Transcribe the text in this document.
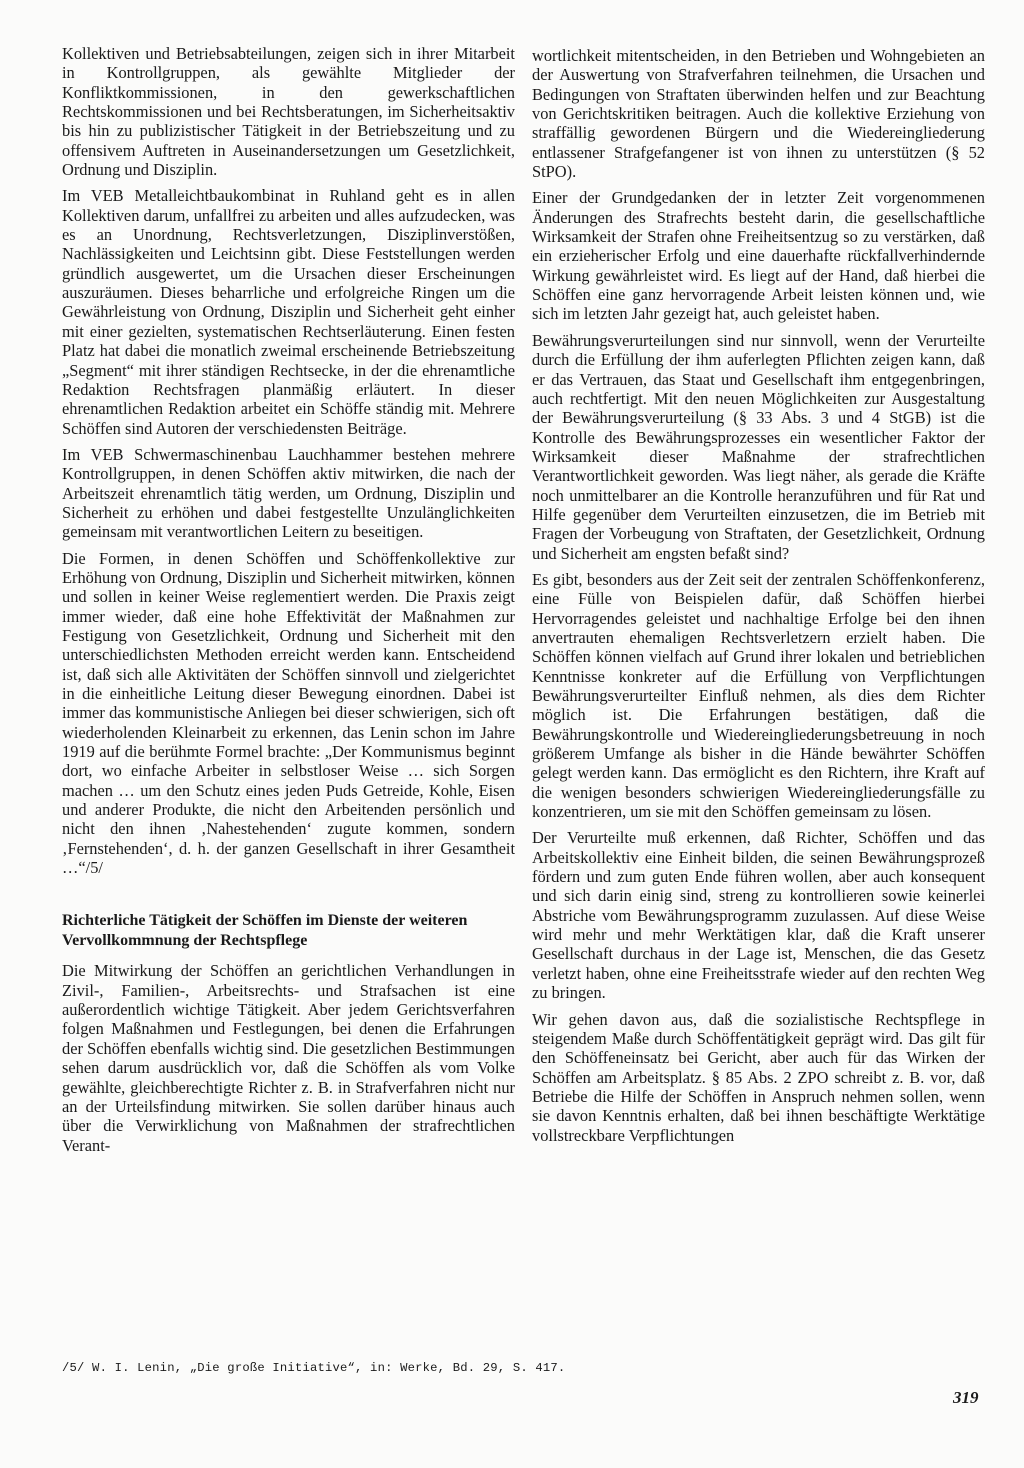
Kollektiven und Betriebsabteilungen, zeigen sich in ihrer Mitarbeit in Kontrollgruppen, als gewählte Mitglieder der Konfliktkommissionen, in den gewerkschaftlichen Rechtskommissionen und bei Rechtsberatungen, im Sicherheitsaktiv bis hin zu publizistischer Tätigkeit in der Betriebszeitung und zu offensivem Auftreten in Auseinandersetzungen um Gesetzlichkeit, Ordnung und Disziplin.

Im VEB Metalleichtbaukombinat in Ruhland geht es in allen Kollektiven darum, unfallfrei zu arbeiten und alles aufzudecken, was es an Unordnung, Rechtsverletzungen, Disziplinverstößen, Nachlässigkeiten und Leichtsinn gibt. Diese Feststellungen werden gründlich ausgewertet, um die Ursachen dieser Erscheinungen auszuräumen. Dieses beharrliche und erfolgreiche Ringen um die Gewährleistung von Ordnung, Disziplin und Sicherheit geht einher mit einer gezielten, systematischen Rechtserläuterung. Einen festen Platz hat dabei die monatlich zweimal erscheinende Betriebszeitung „Segment“ mit ihrer ständigen Rechtsecke, in der die ehrenamtliche Redaktion Rechtsfragen planmäßig erläutert. In dieser ehrenamtlichen Redaktion arbeitet ein Schöffe ständig mit. Mehrere Schöffen sind Autoren der verschiedensten Beiträge.

Im VEB Schwermaschinenbau Lauchhammer bestehen mehrere Kontrollgruppen, in denen Schöffen aktiv mitwirken, die nach der Arbeitszeit ehrenamtlich tätig werden, um Ordnung, Disziplin und Sicherheit zu erhöhen und dabei festgestellte Unzulänglichkeiten gemeinsam mit verantwortlichen Leitern zu beseitigen.

Die Formen, in denen Schöffen und Schöffenkollektive zur Erhöhung von Ordnung, Disziplin und Sicherheit mitwirken, können und sollen in keiner Weise reglementiert werden. Die Praxis zeigt immer wieder, daß eine hohe Effektivität der Maßnahmen zur Festigung von Gesetzlichkeit, Ordnung und Sicherheit mit den unterschiedlichsten Methoden erreicht werden kann. Entscheidend ist, daß sich alle Aktivitäten der Schöffen sinnvoll und zielgerichtet in die einheitliche Leitung dieser Bewegung einordnen. Dabei ist immer das kommunistische Anliegen bei dieser schwierigen, sich oft wiederholenden Kleinarbeit zu erkennen, das Lenin schon im Jahre 1919 auf die berühmte Formel brachte: „Der Kommunismus beginnt dort, wo einfache Arbeiter in selbstloser Weise … sich Sorgen machen … um den Schutz eines jeden Puds Getreide, Kohle, Eisen und anderer Produkte, die nicht den Arbeitenden persönlich und nicht den ihnen ‚Nahestehenden‘ zugute kommen, sondern ‚Fernstehenden‘, d. h. der ganzen Gesellschaft in ihrer Gesamtheit …“/5/

Richterliche Tätigkeit der Schöffen im Dienste der weiteren Vervollkommnung der Rechtspflege

Die Mitwirkung der Schöffen an gerichtlichen Verhandlungen in Zivil-, Familien-, Arbeitsrechts- und Strafsachen ist eine außerordentlich wichtige Tätigkeit. Aber jedem Gerichtsverfahren folgen Maßnahmen und Festlegungen, bei denen die Erfahrungen der Schöffen ebenfalls wichtig sind. Die gesetzlichen Bestimmungen sehen darum ausdrücklich vor, daß die Schöffen als vom Volke gewählte, gleichberechtigte Richter z. B. in Strafverfahren nicht nur an der Urteilsfindung mitwirken. Sie sollen darüber hinaus auch über die Verwirklichung von Maßnahmen der strafrechtlichen Verant-

wortlichkeit mitentscheiden, in den Betrieben und Wohngebieten an der Auswertung von Strafverfahren teilnehmen, die Ursachen und Bedingungen von Straftaten überwinden helfen und zur Beachtung von Gerichtskritiken beitragen. Auch die kollektive Erziehung von straffällig gewordenen Bürgern und die Wiedereingliederung entlassener Strafgefangener ist von ihnen zu unterstützen (§ 52 StPO).

Einer der Grundgedanken der in letzter Zeit vorgenommenen Änderungen des Strafrechts besteht darin, die gesellschaftliche Wirksamkeit der Strafen ohne Freiheitsentzug so zu verstärken, daß ein erzieherischer Erfolg und eine dauerhafte rückfallverhindernde Wirkung gewährleistet wird. Es liegt auf der Hand, daß hierbei die Schöffen eine ganz hervorragende Arbeit leisten können und, wie sich im letzten Jahr gezeigt hat, auch geleistet haben.

Bewährungsverurteilungen sind nur sinnvoll, wenn der Verurteilte durch die Erfüllung der ihm auferlegten Pflichten zeigen kann, daß er das Vertrauen, das Staat und Gesellschaft ihm entgegenbringen, auch rechtfertigt. Mit den neuen Möglichkeiten zur Ausgestaltung der Bewährungsverurteilung (§ 33 Abs. 3 und 4 StGB) ist die Kontrolle des Bewährungsprozesses ein wesentlicher Faktor der Wirksamkeit dieser Maßnahme der strafrechtlichen Verantwortlichkeit geworden. Was liegt näher, als gerade die Kräfte noch unmittelbarer an die Kontrolle heranzuführen und für Rat und Hilfe gegenüber dem Verurteilten einzusetzen, die im Betrieb mit Fragen der Vorbeugung von Straftaten, der Gesetzlichkeit, Ordnung und Sicherheit am engsten befaßt sind?

Es gibt, besonders aus der Zeit seit der zentralen Schöffenkonferenz, eine Fülle von Beispielen dafür, daß Schöffen hierbei Hervorragendes geleistet und nachhaltige Erfolge bei den ihnen anvertrauten ehemaligen Rechtsverletzern erzielt haben. Die Schöffen können vielfach auf Grund ihrer lokalen und betrieblichen Kenntnisse konkreter auf die Erfüllung von Verpflichtungen Bewährungsverurteilter Einfluß nehmen, als dies dem Richter möglich ist. Die Erfahrungen bestätigen, daß die Bewährungskontrolle und Wiedereingliederungsbetreuung in noch größerem Umfange als bisher in die Hände bewährter Schöffen gelegt werden kann. Das ermöglicht es den Richtern, ihre Kraft auf die wenigen besonders schwierigen Wiedereingliederungsfälle zu konzentrieren, um sie mit den Schöffen gemeinsam zu lösen.

Der Verurteilte muß erkennen, daß Richter, Schöffen und das Arbeitskollektiv eine Einheit bilden, die seinen Bewährungsprozeß fördern und zum guten Ende führen wollen, aber auch konsequent und sich darin einig sind, streng zu kontrollieren sowie keinerlei Abstriche vom Bewährungsprogramm zuzulassen. Auf diese Weise wird mehr und mehr Werktätigen klar, daß die Kraft unserer Gesellschaft durchaus in der Lage ist, Menschen, die das Gesetz verletzt haben, ohne eine Freiheitsstrafe wieder auf den rechten Weg zu bringen.

Wir gehen davon aus, daß die sozialistische Rechtspflege in steigendem Maße durch Schöffentätigkeit geprägt wird. Das gilt für den Schöffeneinsatz bei Gericht, aber auch für das Wirken der Schöffen am Arbeitsplatz. § 85 Abs. 2 ZPO schreibt z. B. vor, daß Betriebe die Hilfe der Schöffen in Anspruch nehmen sollen, wenn sie davon Kenntnis erhalten, daß bei ihnen beschäftigte Werktätige vollstreckbare Verpflichtungen

/5/ W. I. Lenin, „Die große Initiative“, in: Werke, Bd. 29, S. 417.
319
